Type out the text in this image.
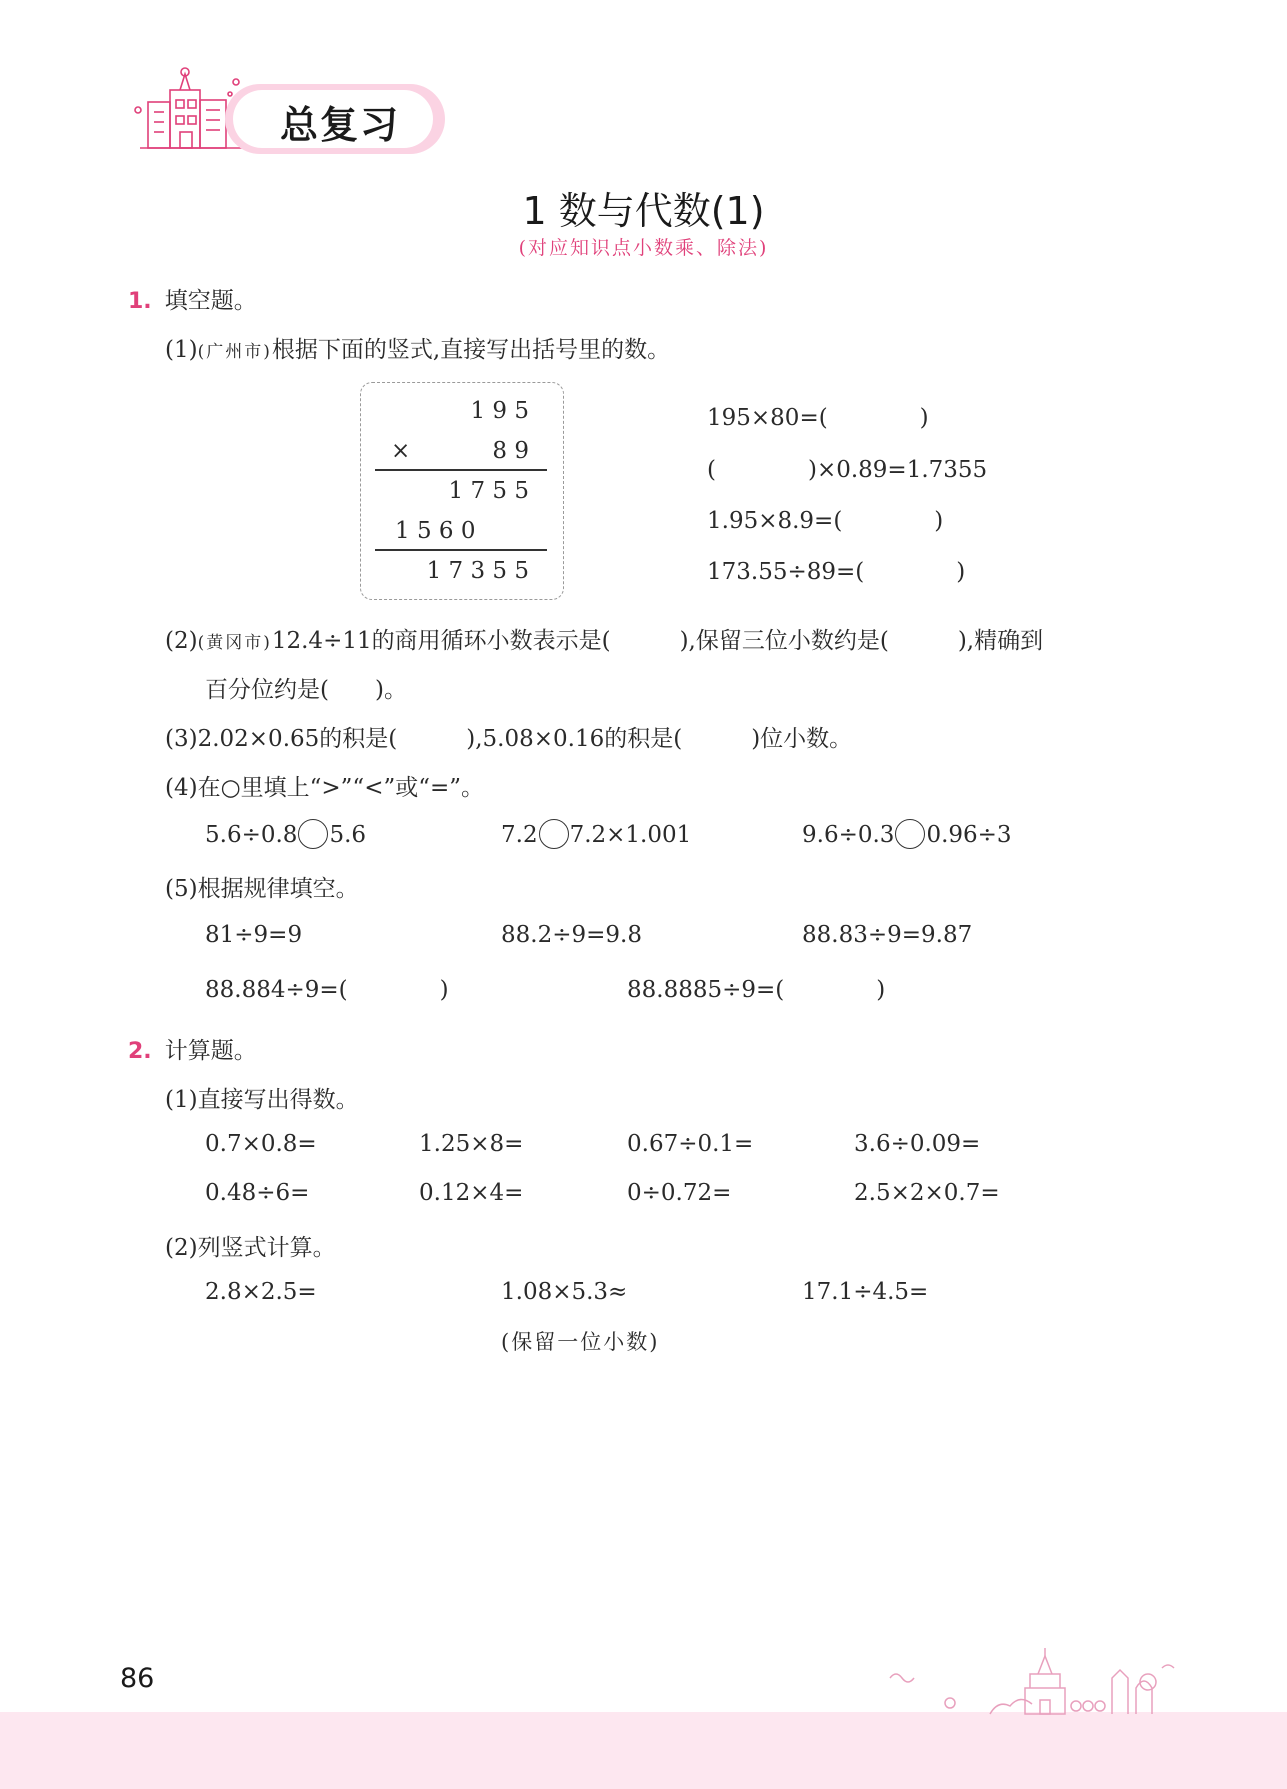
总复习
1 数与代数(1)
(对应知识点小数乘、除法)
1. 填空题。
(1)(广州市)根据下面的竖式,直接写出括号里的数。
1 9 5
×	8 9
1 7 5 5
1 5 6 0
1 7 3 5 5
195×80=(　　　　)
(　　　　)×0.89=1.7355
1.95×8.9=(　　　　)
173.55÷89=(　　　　)
(2)(黄冈市)12.4÷11的商用循环小数表示是(　　　),保留三位小数约是(　　　),精确到
百分位约是(　　)。
(3)2.02×0.65的积是(　　　),5.08×0.16的积是(　　　)位小数。
(4)在○里填上“>”“<”或“=”。
5.6÷0.8 5.6	7.2 7.2×1.001	9.6÷0.3 0.96÷3
(5)根据规律填空。
81÷9=9	88.2÷9=9.8	88.83÷9=9.87
88.884÷9=(　　　　)	88.8885÷9=(　　　　)
2. 计算题。
(1)直接写出得数。
0.7×0.8=	1.25×8=	0.67÷0.1=	3.6÷0.09=
0.48÷6=	0.12×4=	0÷0.72=	2.5×2×0.7=
(2)列竖式计算。
2.8×2.5=	1.08×5.3≈	17.1÷4.5=
(保留一位小数)
86
